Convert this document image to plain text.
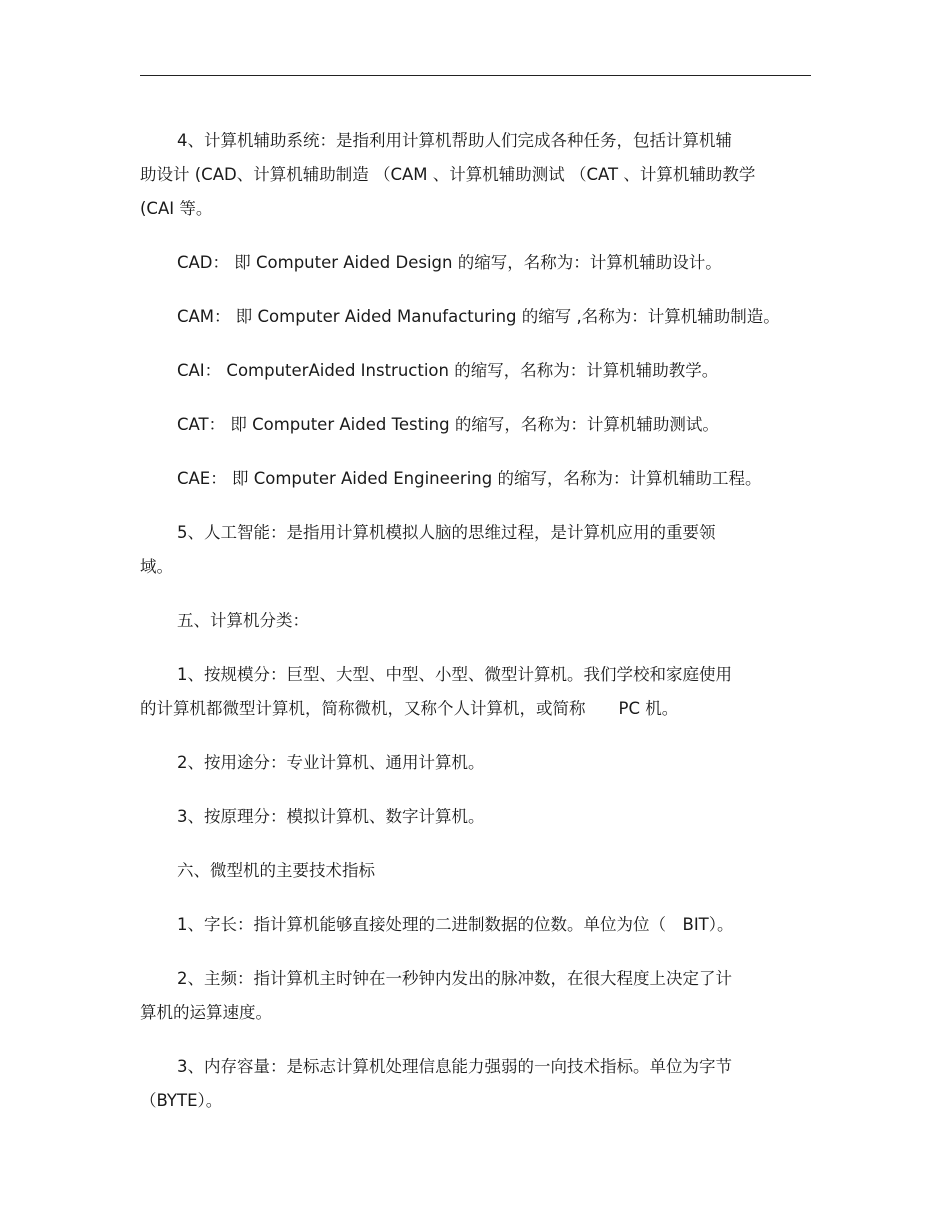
4、计算机辅助系统：是指利用计算机帮助人们完成各种任务，包括计算机辅
助设计 (CAD、计算机辅助制造 （CAM 、计算机辅助测试 （CAT 、计算机辅助教学
(CAI 等。

CAD： 即 Computer Aided Design 的缩写，名称为：计算机辅助设计。

CAM： 即 Computer Aided Manufacturing 的缩写 ,名称为：计算机辅助制造。

CAI： ComputerAided Instruction 的缩写，名称为：计算机辅助教学。

CAT： 即 Computer Aided Testing 的缩写，名称为：计算机辅助测试。

CAE： 即 Computer Aided Engineering 的缩写，名称为：计算机辅助工程。

5、人工智能：是指用计算机模拟人脑的思维过程，是计算机应用的重要领
域。

五、计算机分类：

1、按规模分：巨型、大型、中型、小型、微型计算机。我们学校和家庭使用
的计算机都微型计算机，简称微机，又称个人计算机，或简称　　PC 机。

2、按用途分：专业计算机、通用计算机。

3、按原理分：模拟计算机、数字计算机。

六、微型机的主要技术指标

1、字长：指计算机能够直接处理的二进制数据的位数。单位为位（　BIT）。

2、主频：指计算机主时钟在一秒钟内发出的脉冲数，在很大程度上决定了计
算机的运算速度。

3、内存容量：是标志计算机处理信息能力强弱的一向技术指标。单位为字节
（BYTE）。
